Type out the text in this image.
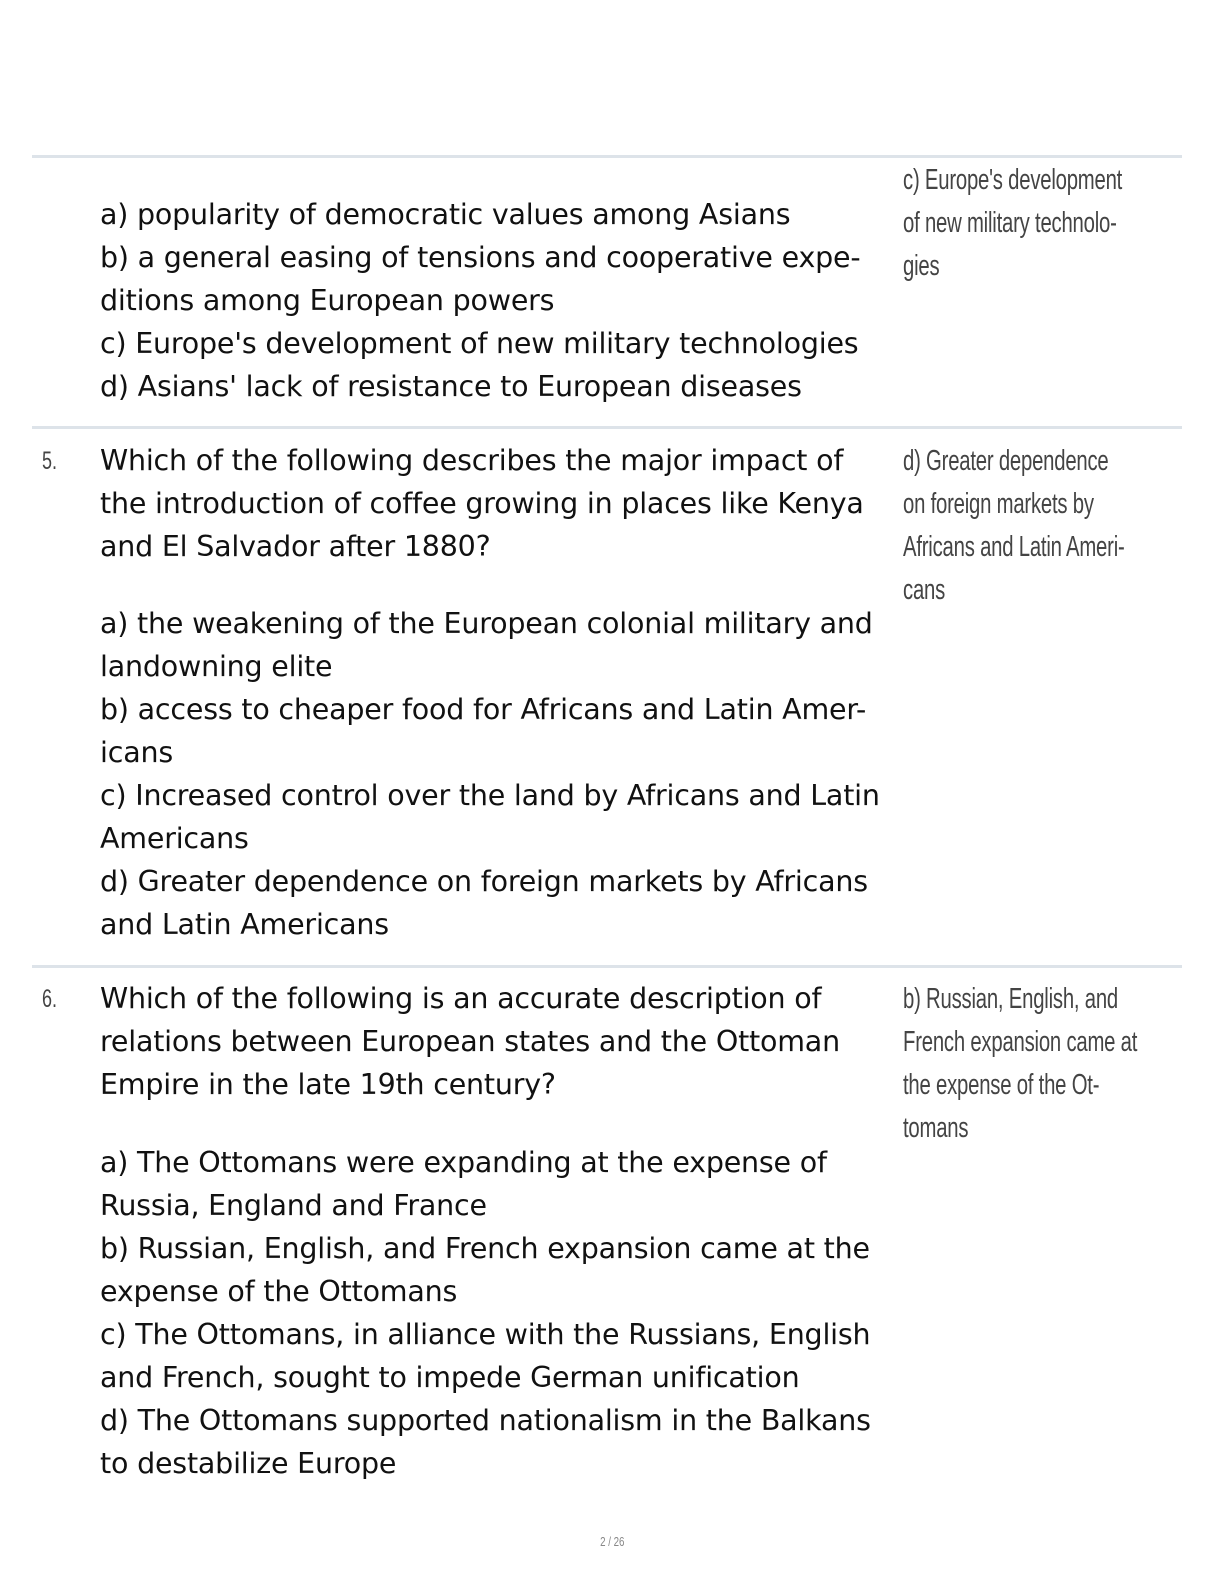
a) popularity of democratic values among Asians
b) a general easing of tensions and cooperative expe-
ditions among European powers
c) Europe's development of new military technologies
d) Asians' lack of resistance to European diseases
c) Europe's development
of new military technolo-
gies
5. Which of the following describes the major impact of
the introduction of coffee growing in places like Kenya
and El Salvador after 1880?
a) the weakening of the European colonial military and
landowning elite
b) access to cheaper food for Africans and Latin Amer-
icans
c) Increased control over the land by Africans and Latin
Americans
d) Greater dependence on foreign markets by Africans
and Latin Americans
d) Greater dependence
on foreign markets by
Africans and Latin Ameri-
cans
6. Which of the following is an accurate description of
relations between European states and the Ottoman
Empire in the late 19th century?
a) The Ottomans were expanding at the expense of
Russia, England and France
b) Russian, English, and French expansion came at the
expense of the Ottomans
c) The Ottomans, in alliance with the Russians, English
and French, sought to impede German unification
d) The Ottomans supported nationalism in the Balkans
to destabilize Europe
b) Russian, English, and
French expansion came at
the expense of the Ot-
tomans
2 / 26
